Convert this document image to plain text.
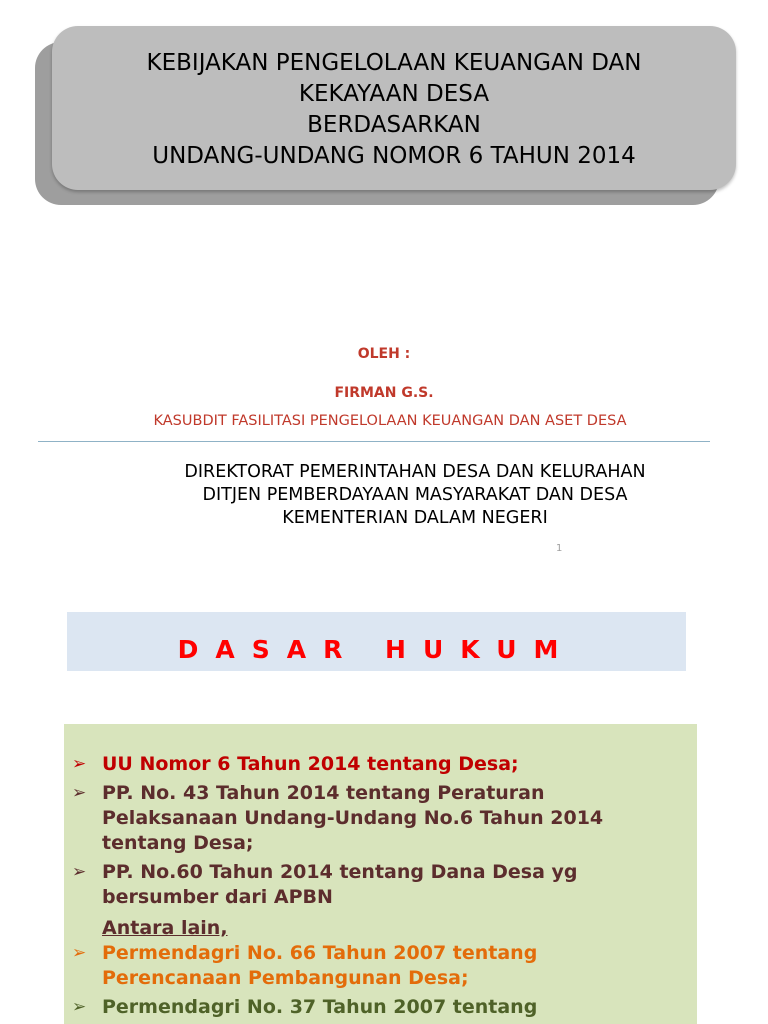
KEBIJAKAN PENGELOLAAN KEUANGAN DAN
KEKAYAAN DESA
BERDASARKAN
UNDANG-UNDANG NOMOR 6 TAHUN 2014
OLEH :
FIRMAN G.S.
KASUBDIT FASILITASI PENGELOLAAN KEUANGAN DAN ASET DESA
DIREKTORAT PEMERINTAHAN DESA DAN KELURAHAN
DITJEN PEMBERDAYAAN MASYARAKAT DAN DESA
KEMENTERIAN DALAM NEGERI
1
DASAR HUKUM
➢ UU Nomor 6 Tahun 2014 tentang Desa;
➢ PP. No. 43 Tahun 2014 tentang Peraturan
Pelaksanaan Undang-Undang No.6 Tahun 2014
tentang Desa;
➢ PP. No.60 Tahun 2014 tentang Dana Desa yg
bersumber dari APBN
Antara lain,
➢ Permendagri No. 66 Tahun 2007 tentang
Perencanaan Pembangunan Desa;
➢ Permendagri No. 37 Tahun 2007 tentang
